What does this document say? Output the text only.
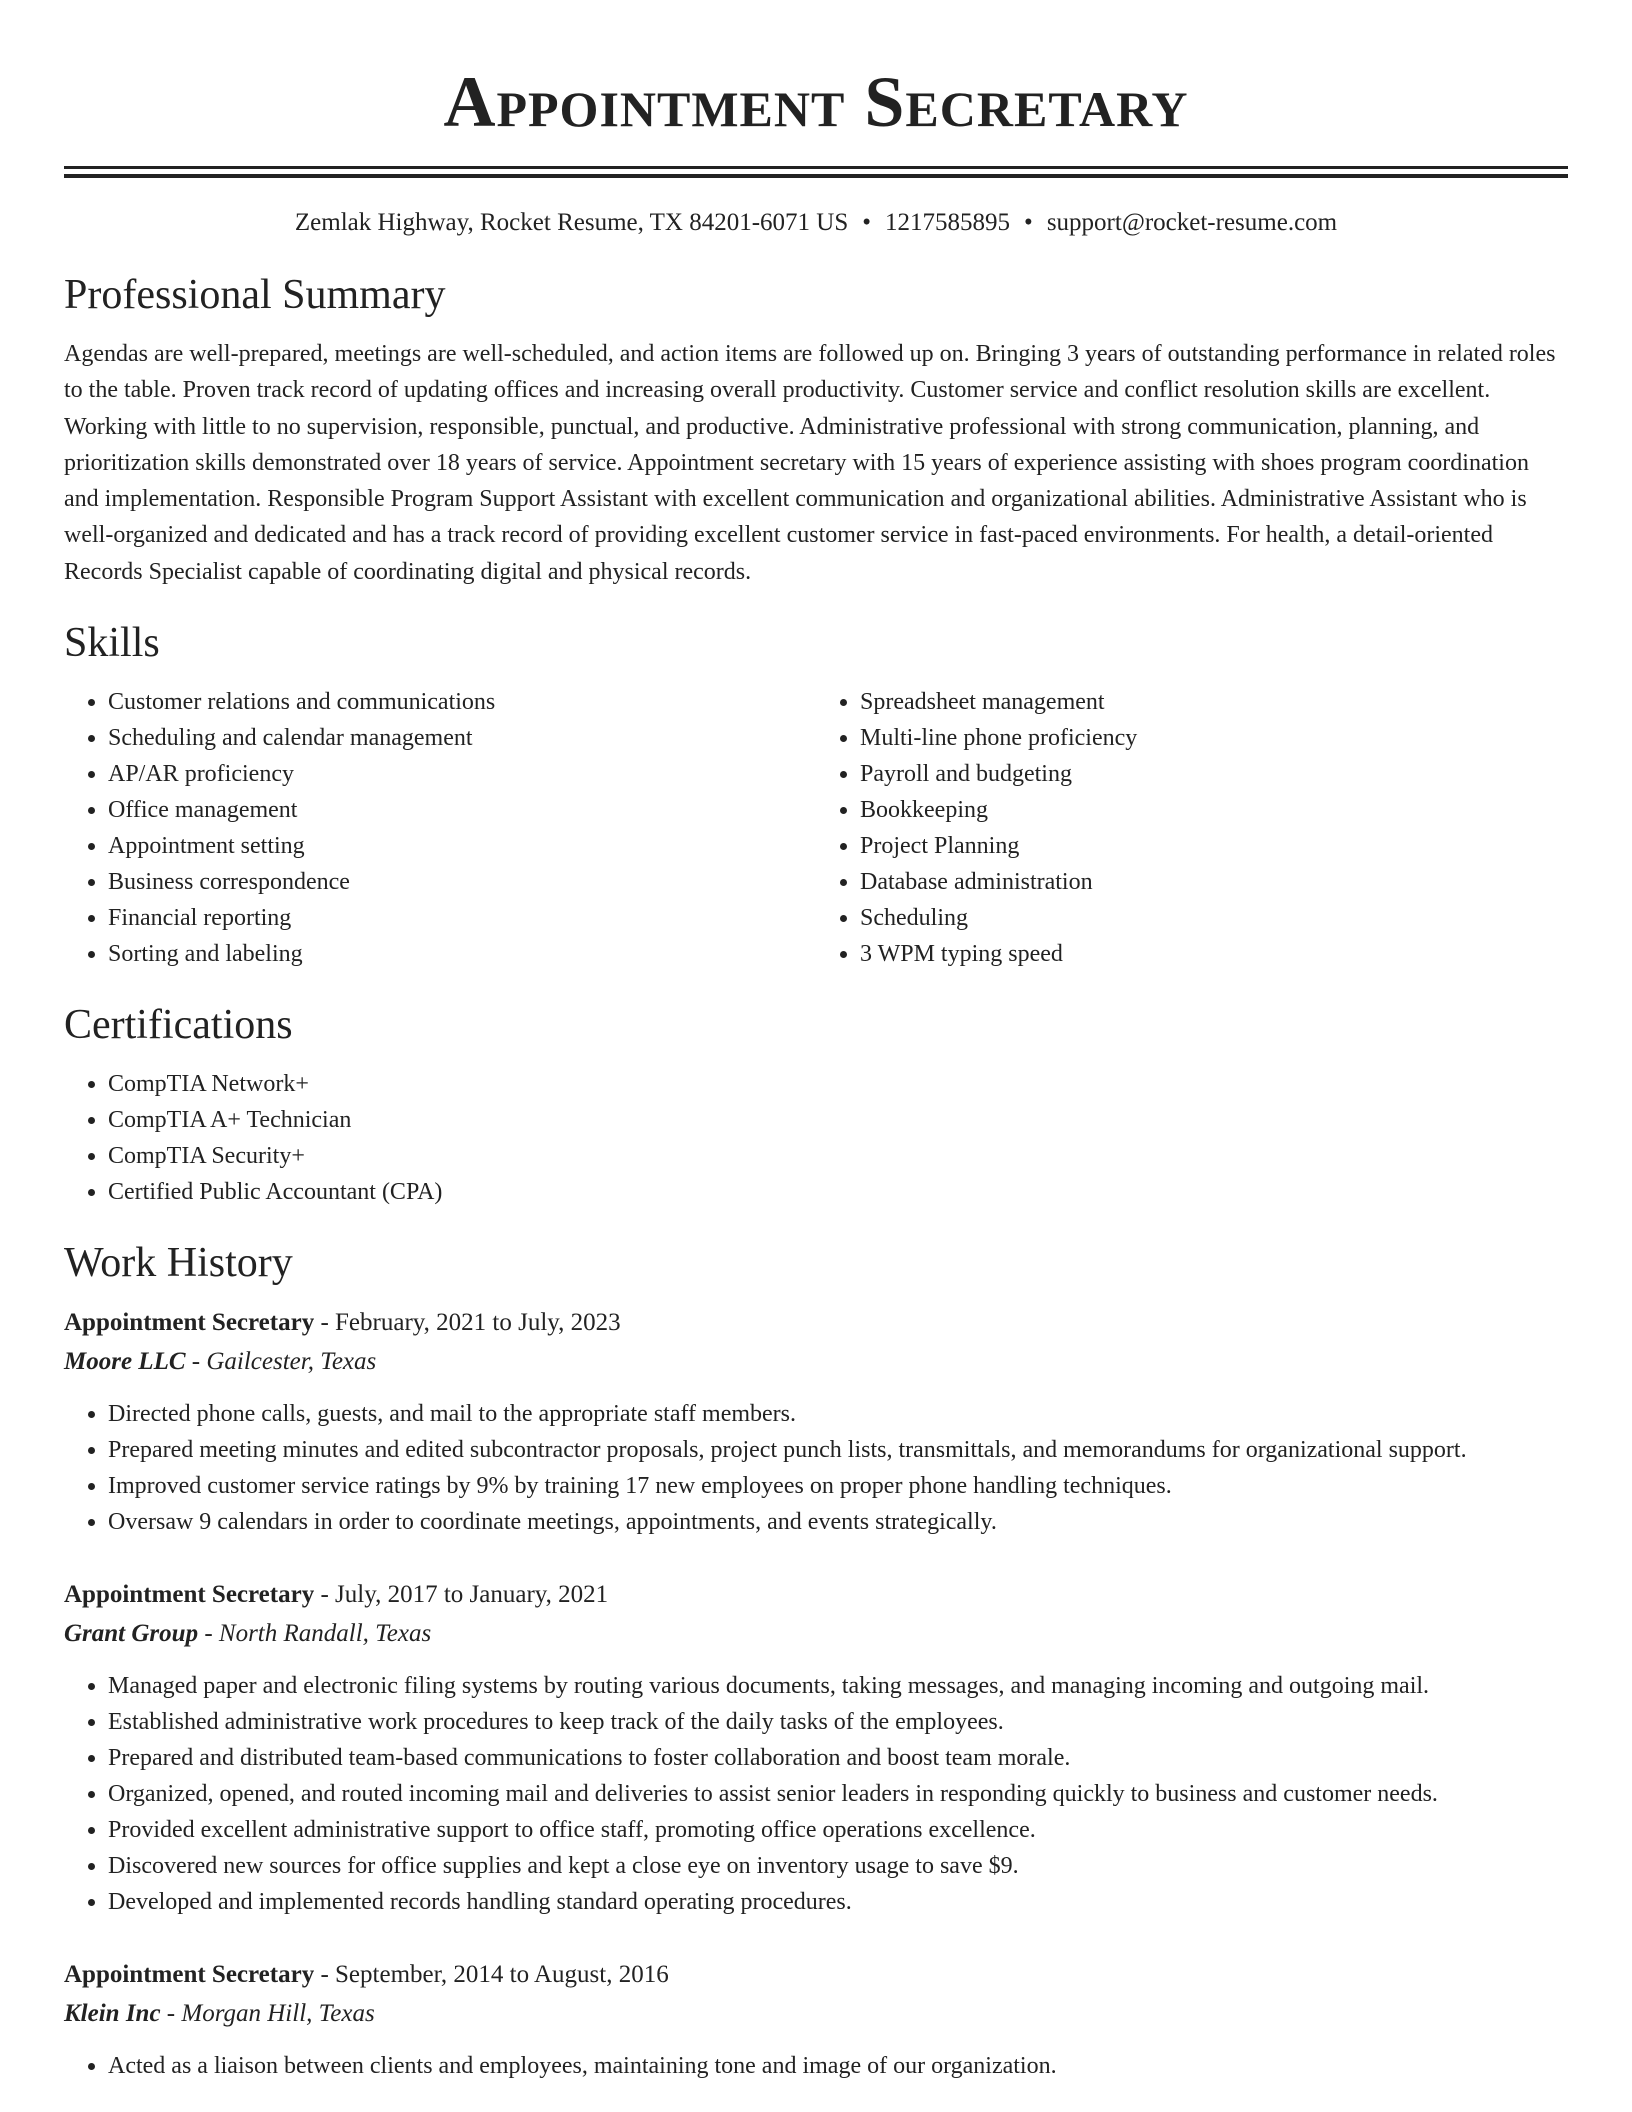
Appointment Secretary
Zemlak Highway, Rocket Resume, TX 84201-6071 US • 1217585895 • support@rocket-resume.com
Professional Summary
Agendas are well-prepared, meetings are well-scheduled, and action items are followed up on. Bringing 3 years of outstanding performance in related roles to the table. Proven track record of updating offices and increasing overall productivity. Customer service and conflict resolution skills are excellent. Working with little to no supervision, responsible, punctual, and productive. Administrative professional with strong communication, planning, and prioritization skills demonstrated over 18 years of service. Appointment secretary with 15 years of experience assisting with shoes program coordination and implementation. Responsible Program Support Assistant with excellent communication and organizational abilities. Administrative Assistant who is well-organized and dedicated and has a track record of providing excellent customer service in fast-paced environments. For health, a detail-oriented Records Specialist capable of coordinating digital and physical records.
Skills
• Customer relations and communications
• Scheduling and calendar management
• AP/AR proficiency
• Office management
• Appointment setting
• Business correspondence
• Financial reporting
• Sorting and labeling
• Spreadsheet management
• Multi-line phone proficiency
• Payroll and budgeting
• Bookkeeping
• Project Planning
• Database administration
• Scheduling
• 3 WPM typing speed
Certifications
• CompTIA Network+
• CompTIA A+ Technician
• CompTIA Security+
• Certified Public Accountant (CPA)
Work History
Appointment Secretary - February, 2021 to July, 2023
Moore LLC - Gailcester, Texas
• Directed phone calls, guests, and mail to the appropriate staff members.
• Prepared meeting minutes and edited subcontractor proposals, project punch lists, transmittals, and memorandums for organizational support.
• Improved customer service ratings by 9% by training 17 new employees on proper phone handling techniques.
• Oversaw 9 calendars in order to coordinate meetings, appointments, and events strategically.
Appointment Secretary - July, 2017 to January, 2021
Grant Group - North Randall, Texas
• Managed paper and electronic filing systems by routing various documents, taking messages, and managing incoming and outgoing mail.
• Established administrative work procedures to keep track of the daily tasks of the employees.
• Prepared and distributed team-based communications to foster collaboration and boost team morale.
• Organized, opened, and routed incoming mail and deliveries to assist senior leaders in responding quickly to business and customer needs.
• Provided excellent administrative support to office staff, promoting office operations excellence.
• Discovered new sources for office supplies and kept a close eye on inventory usage to save $9.
• Developed and implemented records handling standard operating procedures.
Appointment Secretary - September, 2014 to August, 2016
Klein Inc - Morgan Hill, Texas
• Acted as a liaison between clients and employees, maintaining tone and image of our organization.
